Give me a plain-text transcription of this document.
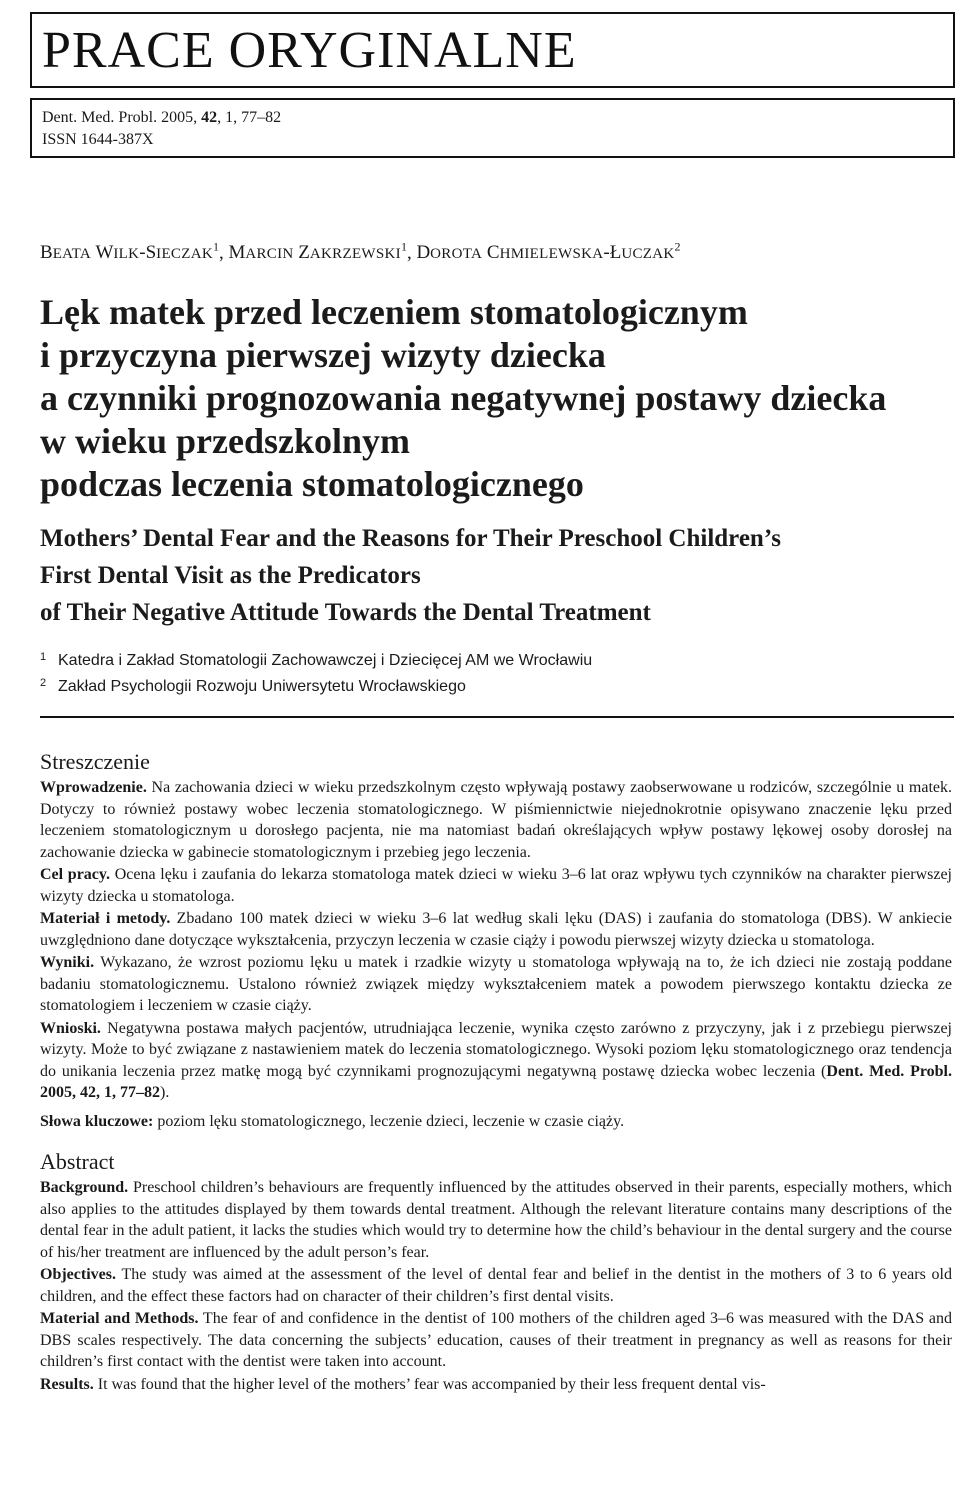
PRACE ORYGINALNE
Dent. Med. Probl. 2005, 42, 1, 77–82
ISSN 1644-387X
BEATA WILK-SIECZAK$^1$, MARCIN ZAKRZEWSKI$^1$, DOROTA CHMIELEWSKA-ŁUCZAK$^2$
Lęk matek przed leczeniem stomatologicznym
i przyczyna pierwszej wizyty dziecka
a czynniki prognozowania negatywnej postawy dziecka
w wieku przedszkolnym
podczas leczenia stomatologicznego
Mothers’ Dental Fear and the Reasons for Their Preschool Children’s
First Dental Visit as the Predicators
of Their Negative Attitude Towards the Dental Treatment
1 Katedra i Zakład Stomatologii Zachowawczej i Dziecięcej AM we Wrocławiu
2 Zakład Psychologii Rozwoju Uniwersytetu Wrocławskiego
Streszczenie
Wprowadzenie. Na zachowania dzieci w wieku przedszkolnym często wpływają postawy zaobserwowane u rodziców, szczególnie u matek. Dotyczy to również postawy wobec leczenia stomatologicznego. W piśmiennictwie niejednokrotnie opisywano znaczenie lęku przed leczeniem stomatologicznym u dorosłego pacjenta, nie ma natomiast badań określających wpływ postawy lękowej osoby dorosłej na zachowanie dziecka w gabinecie stomatologicznym i przebieg jego leczenia.
Cel pracy. Ocena lęku i zaufania do lekarza stomatologa matek dzieci w wieku 3–6 lat oraz wpływu tych czynników na charakter pierwszej wizyty dziecka u stomatologa.
Materiał i metody. Zbadano 100 matek dzieci w wieku 3–6 lat według skali lęku (DAS) i zaufania do stomatologa (DBS). W ankiecie uwzględniono dane dotyczące wykształcenia, przyczyn leczenia w czasie ciąży i powodu pierwszej wizyty dziecka u stomatologa.
Wyniki. Wykazano, że wzrost poziomu lęku u matek i rzadkie wizyty u stomatologa wpływają na to, że ich dzieci nie zostają poddane badaniu stomatologicznemu. Ustalono również związek między wykształceniem matek a powodem pierwszego kontaktu dziecka ze stomatologiem i leczeniem w czasie ciąży.
Wnioski. Negatywna postawa małych pacjentów, utrudniająca leczenie, wynika często zarówno z przyczyny, jak i z przebiegu pierwszej wizyty. Może to być związane z nastawieniem matek do leczenia stomatologicznego. Wysoki poziom lęku stomatologicznego oraz tendencja do unikania leczenia przez matkę mogą być czynnikami prognozującymi negatywną postawę dziecka wobec leczenia (Dent. Med. Probl. 2005, 42, 1, 77–82).
Słowa kluczowe: poziom lęku stomatologicznego, leczenie dzieci, leczenie w czasie ciąży.
Abstract
Background. Preschool children’s behaviours are frequently influenced by the attitudes observed in their parents, especially mothers, which also applies to the attitudes displayed by them towards dental treatment. Although the relevant literature contains many descriptions of the dental fear in the adult patient, it lacks the studies which would try to determine how the child’s behaviour in the dental surgery and the course of his/her treatment are influenced by the adult person’s fear.
Objectives. The study was aimed at the assessment of the level of dental fear and belief in the dentist in the mothers of 3 to 6 years old children, and the effect these factors had on character of their children’s first dental visits.
Material and Methods. The fear of and confidence in the dentist of 100 mothers of the children aged 3–6 was measured with the DAS and DBS scales respectively. The data concerning the subjects’ education, causes of their treatment in pregnancy as well as reasons for their children’s first contact with the dentist were taken into account.
Results. It was found that the higher level of the mothers’ fear was accompanied by their less frequent dental vis-
